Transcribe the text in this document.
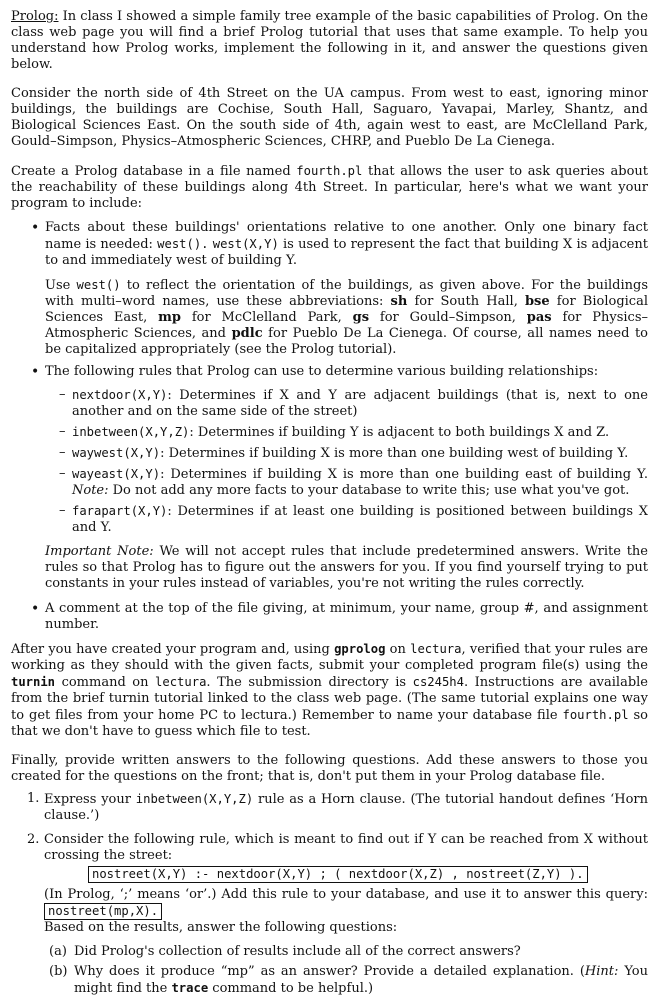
Prolog: In class I showed a simple family tree example of the basic capabilities of Prolog. On the class web page you will find a brief Prolog tutorial that uses that same example. To help you understand how Prolog works, implement the following in it, and answer the questions given below.

Consider the north side of 4th Street on the UA campus. From west to east, ignoring minor buildings, the buildings are Cochise, South Hall, Saguaro, Yavapai, Marley, Shantz, and Biological Sciences East. On the south side of 4th, again west to east, are McClelland Park, Gould–Simpson, Physics–Atmospheric Sciences, CHRP, and Pueblo De La Cienega.

Create a Prolog database in a file named fourth.pl that allows the user to ask queries about the reachability of these buildings along 4th Street. In particular, here's what we want your program to include:

• Facts about these buildings' orientations relative to one another. Only one binary fact name is needed: west(). west(X,Y) is used to represent the fact that building X is adjacent to and immediately west of building Y.

Use west() to reflect the orientation of the buildings, as given above. For the buildings with multi–word names, use these abbreviations: sh for South Hall, bse for Biological Sciences East, mp for McClelland Park, gs for Gould–Simpson, pas for Physics–Atmospheric Sciences, and pdlc for Pueblo De La Cienega. Of course, all names need to be capitalized appropriately (see the Prolog tutorial).

• The following rules that Prolog can use to determine various building relationships:

– nextdoor(X,Y): Determines if X and Y are adjacent buildings (that is, next to one another and on the same side of the street)

– inbetween(X,Y,Z): Determines if building Y is adjacent to both buildings X and Z.

– waywest(X,Y): Determines if building X is more than one building west of building Y.

– wayeast(X,Y): Determines if building X is more than one building east of building Y. Note: Do not add any more facts to your database to write this; use what you've got.

– farapart(X,Y): Determines if at least one building is positioned between buildings X and Y.

Important Note: We will not accept rules that include predetermined answers. Write the rules so that Prolog has to figure out the answers for you. If you find yourself trying to put constants in your rules instead of variables, you're not writing the rules correctly.

• A comment at the top of the file giving, at minimum, your name, group #, and assignment number.

After you have created your program and, using gprolog on lectura, verified that your rules are working as they should with the given facts, submit your completed program file(s) using the turnin command on lectura. The submission directory is cs245h4. Instructions are available from the brief turnin tutorial linked to the class web page. (The same tutorial explains one way to get files from your home PC to lectura.) Remember to name your database file fourth.pl so that we don't have to guess which file to test.

Finally, provide written answers to the following questions. Add these answers to those you created for the questions on the front; that is, don't put them in your Prolog database file.

1. Express your inbetween(X,Y,Z) rule as a Horn clause. (The tutorial handout defines ‘Horn clause.’)

2. Consider the following rule, which is meant to find out if Y can be reached from X without crossing the street:

nostreet(X,Y) :- nextdoor(X,Y) ; ( nextdoor(X,Z) , nostreet(Z,Y) ).

(In Prolog, ‘;’ means ‘or’.) Add this rule to your database, and use it to answer this query: nostreet(mp,X).

Based on the results, answer the following questions:

(a) Did Prolog's collection of results include all of the correct answers?

(b) Why does it produce “mp” as an answer? Provide a detailed explanation. (Hint: You might find the trace command to be helpful.)
